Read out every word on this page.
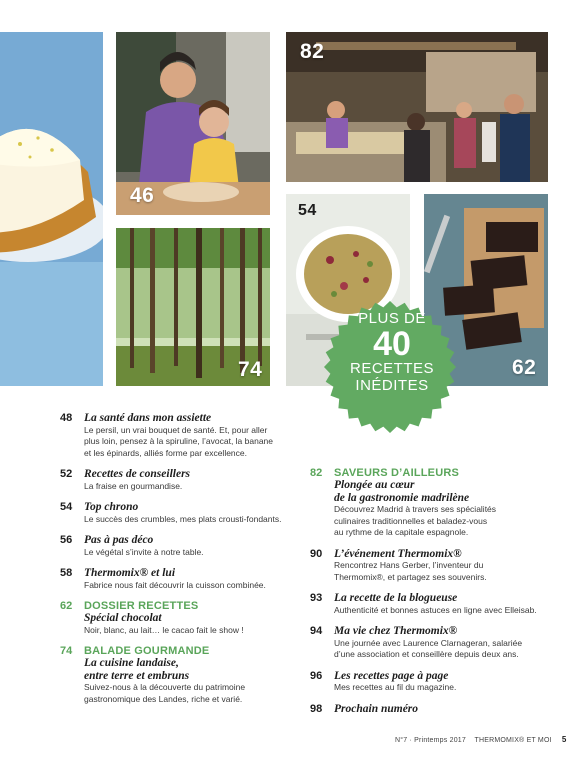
46
82
74
54
62
PLUS DE
40
RECETTES
INÉDITES
48	La santé dans mon assiette
Le persil, un vrai bouquet de santé. Et, pour aller
plus loin, pensez à la spiruline, l’avocat, la banane
et les épinards, alliés forme par excellence.
52	Recettes de conseillers
La fraise en gourmandise.
54	Top chrono
Le succès des crumbles, mes plats crousti-fondants.
56	Pas à pas déco
Le végétal s’invite à notre table.
58	Thermomix® et lui
Fabrice nous fait découvrir la cuisson combinée.
62	DOSSIER RECETTES
Spécial chocolat
Noir, blanc, au lait… le cacao fait le show !
74	BALADE GOURMANDE
La cuisine landaise,
entre terre et embruns
Suivez-nous à la découverte du patrimoine
gastronomique des Landes, riche et varié.
82	SAVEURS D’AILLEURS
Plongée au cœur
de la gastronomie madrilène
Découvrez Madrid à travers ses spécialités
culinaires traditionnelles et baladez-vous
au rythme de la capitale espagnole.
90	L’événement Thermomix®
Rencontrez Hans Gerber, l’inventeur du
Thermomix®, et partagez ses souvenirs.
93	La recette de la blogueuse
Authenticité et bonnes astuces en ligne avec Elleisab.
94	Ma vie chez Thermomix®
Une journée avec Laurence Clarnageran, salariée
d’une association et conseillère depuis deux ans.
96	Les recettes page à page
Mes recettes au fil du magazine.
98	Prochain numéro
N°7 · Printemps 2017 THERMOMIX® ET MOI 5
